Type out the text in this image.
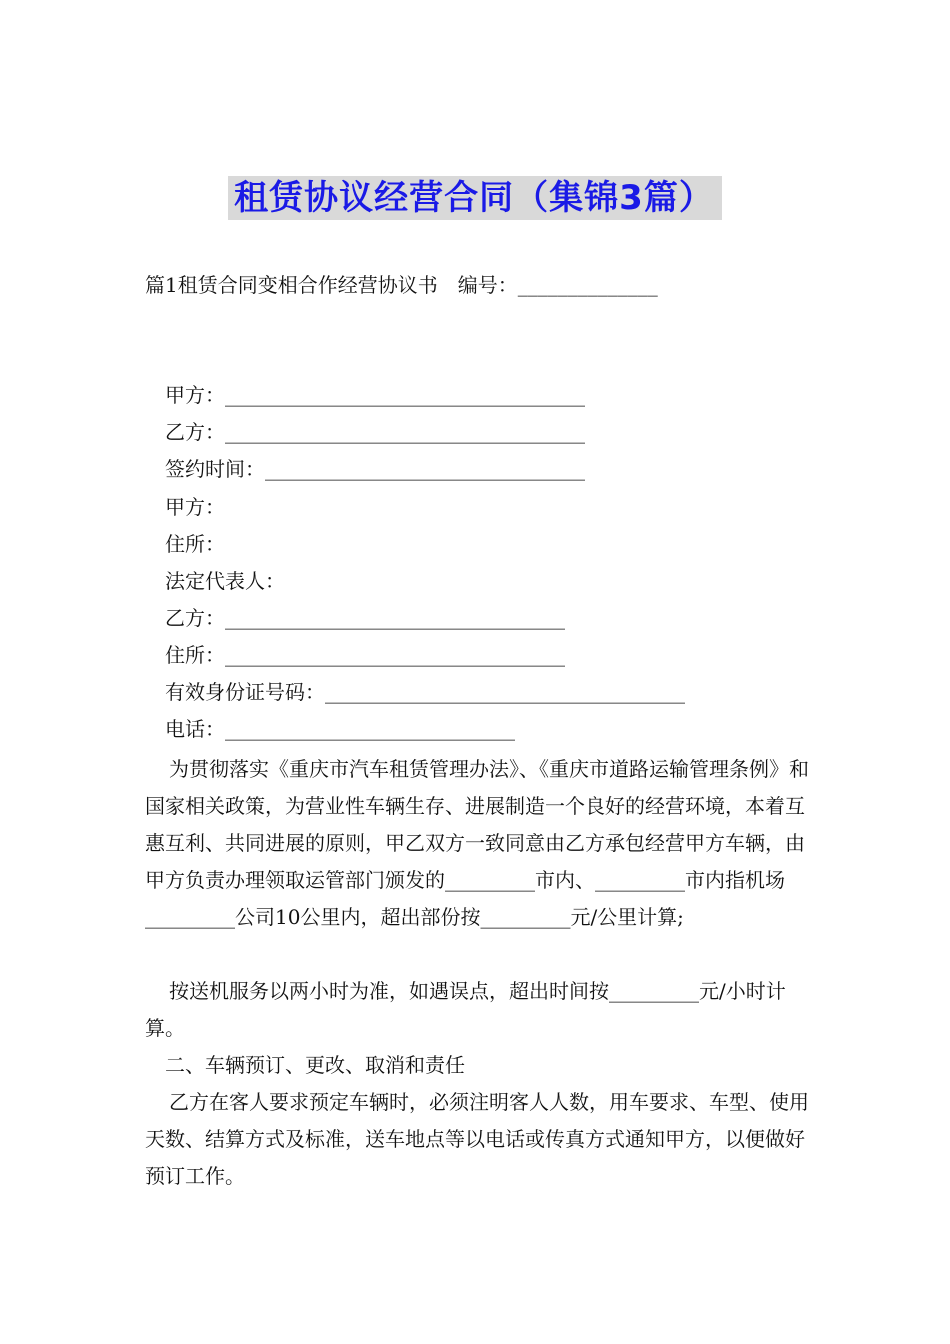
租赁协议经营合同（集锦3篇）
篇1租赁合同变相合作经营协议书　编号：______________
甲方：____________________________________
乙方：____________________________________
签约时间：________________________________
甲方：
住所：
法定代表人：
乙方：__________________________________
住所：__________________________________
有效身份证号码：____________________________________
电话：_____________________________
为贯彻落实《重庆市汽车租赁管理办法》、《重庆市道路运输管理条例》和国家相关政策，为营业性车辆生存、进展制造一个良好的经营环境，本着互惠互利、共同进展的原则，甲乙双方一致同意由乙方承包经营甲方车辆，由甲方负责办理领取运管部门颁发的_________市内、_________市内指机场_________公司10公里内，超出部份按_________元/公里计算;
按送机服务以两小时为准，如遇误点，超出时间按_________元/小时计算。
二、车辆预订、更改、取消和责任
乙方在客人要求预定车辆时，必须注明客人人数，用车要求、车型、使用天数、结算方式及标准，送车地点等以电话或传真方式通知甲方，以便做好预订工作。
